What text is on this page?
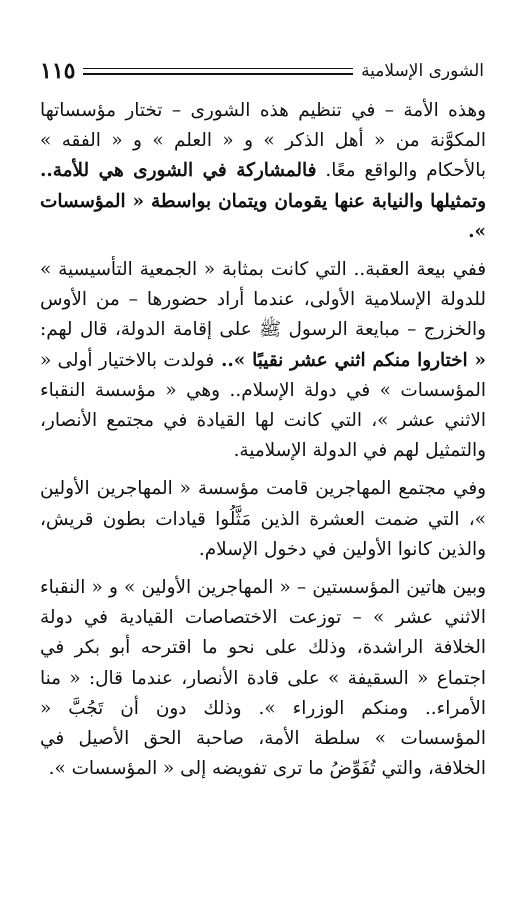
الشورى الإسلامية
١١٥

وهذه الأمة – في تنظيم هذه الشورى – تختار مؤسساتها المكوَّنة من « أهل الذكر » و « العلم » و « الفقه » بالأحكام والواقع معًا. فالمشاركة في الشورى هي للأمة.. وتمثيلها والنيابة عنها يقومان ويتمان بواسطة « المؤسسات ».

ففي بيعة العقبة.. التي كانت بمثابة « الجمعية التأسيسية » للدولة الإسلامية الأولى، عندما أراد حضورها – من الأوس والخزرج – مبايعة الرسول ﷺ على إقامة الدولة، قال لهم: « اختاروا منكم اثني عشر نقيبًا ».. فولدت بالاختيار أولى « المؤسسات » في دولة الإسلام.. وهي « مؤسسة النقباء الاثني عشر »، التي كانت لها القيادة في مجتمع الأنصار، والتمثيل لهم في الدولة الإسلامية.

وفي مجتمع المهاجرين قامت مؤسسة « المهاجرين الأولين »، التي ضمت العشرة الذين مَثَّلُوا قيادات بطون قريش، والذين كانوا الأولين في دخول الإسلام.

وبين هاتين المؤسستين – « المهاجرين الأولين » و « النقباء الاثني عشر » – توزعت الاختصاصات القيادية في دولة الخلافة الراشدة، وذلك على نحو ما اقترحه أبو بكر في اجتماع « السقيفة » على قادة الأنصار، عندما قال: « منا الأمراء.. ومنكم الوزراء ». وذلك دون أن تَجُبَّ « المؤسسات » سلطة الأمة، صاحبة الحق الأصيل في الخلافة، والتي تُفَوِّضُ ما ترى تفويضه إلى « المؤسسات ».
